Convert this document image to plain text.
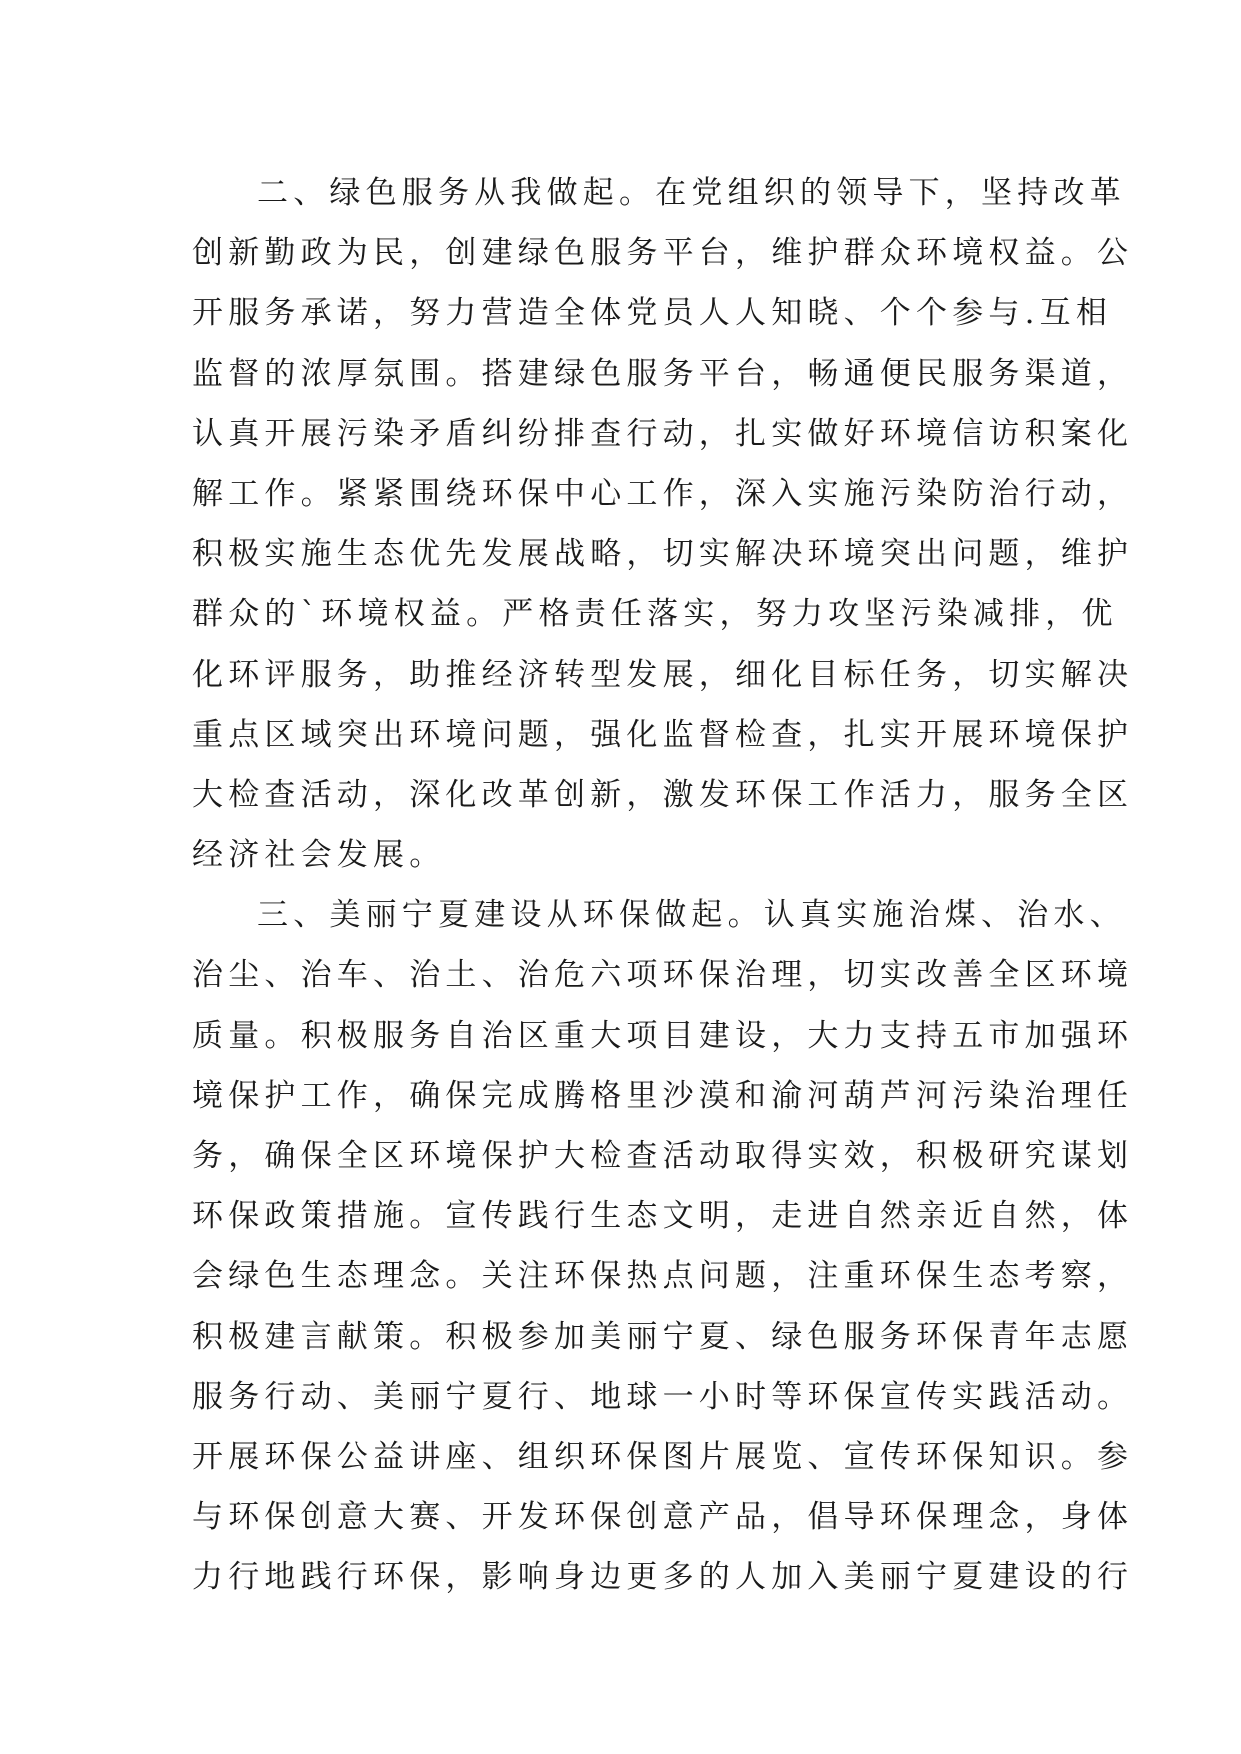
二、绿色服务从我做起。在党组织的领导下，坚持改革
创新勤政为民，创建绿色服务平台，维护群众环境权益。公
开服务承诺，努力营造全体党员人人知晓、个个参与.互相
监督的浓厚氛围。搭建绿色服务平台，畅通便民服务渠道，
认真开展污染矛盾纠纷排查行动，扎实做好环境信访积案化
解工作。紧紧围绕环保中心工作，深入实施污染防治行动，
积极实施生态优先发展战略，切实解决环境突出问题，维护
群众的`环境权益。严格责任落实，努力攻坚污染减排，优
化环评服务，助推经济转型发展，细化目标任务，切实解决
重点区域突出环境问题，强化监督检查，扎实开展环境保护
大检查活动，深化改革创新，激发环保工作活力，服务全区
经济社会发展。
三、美丽宁夏建设从环保做起。认真实施治煤、治水、
治尘、治车、治土、治危六项环保治理，切实改善全区环境
质量。积极服务自治区重大项目建设，大力支持五市加强环
境保护工作，确保完成腾格里沙漠和渝河葫芦河污染治理任
务，确保全区环境保护大检查活动取得实效，积极研究谋划
环保政策措施。宣传践行生态文明，走进自然亲近自然，体
会绿色生态理念。关注环保热点问题，注重环保生态考察，
积极建言献策。积极参加美丽宁夏、绿色服务环保青年志愿
服务行动、美丽宁夏行、地球一小时等环保宣传实践活动。
开展环保公益讲座、组织环保图片展览、宣传环保知识。参
与环保创意大赛、开发环保创意产品，倡导环保理念，身体
力行地践行环保，影响身边更多的人加入美丽宁夏建设的行
